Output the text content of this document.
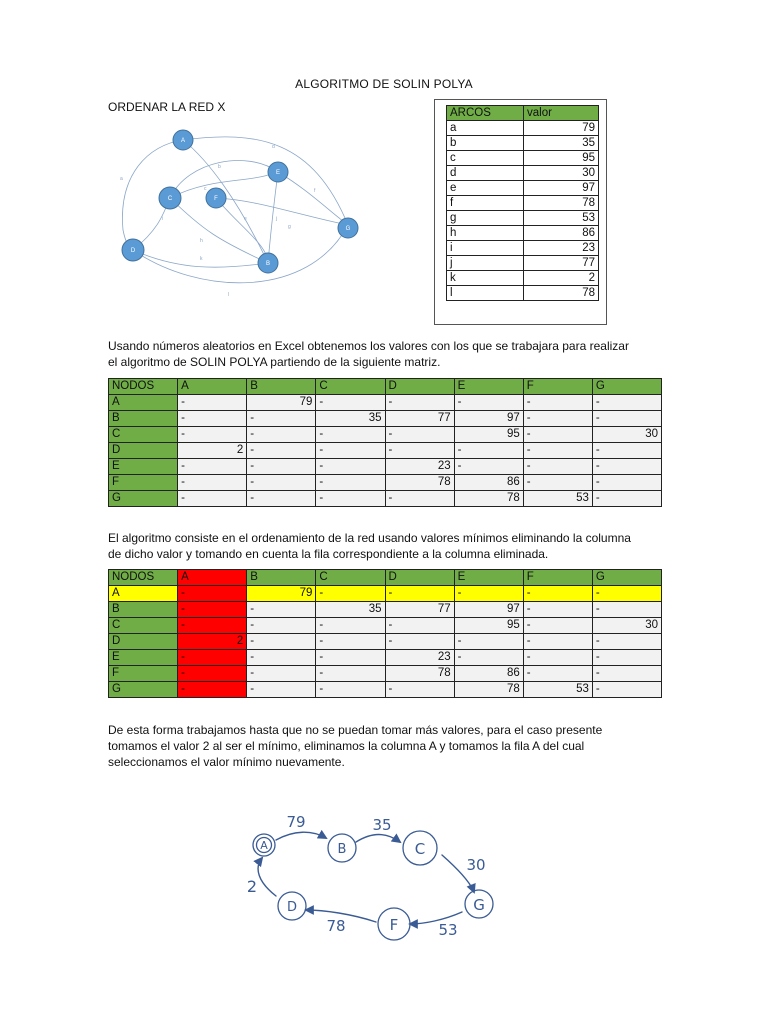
ALGORITMO DE SOLIN POLYA
ORDENAR LA RED X
a
b
c
d
e
f
g
h
i	j
k
l
A
B
C
D
E
F
G
ARCOS	valor
a	79
b	35
c	95
d	30
e	97
f	78
g	53
h	86
i	23
j	77
k	2
l	78
Usando números aleatorios en Excel obtenemos los valores con los que se trabajara para realizar
el algoritmo de SOLIN POLYA partiendo de la siguiente matriz.
NODOS	A	B	C	D	E	F	G
A	-	79	-	-	-	-	-
B	-	-	35	77	97	-	-
C	-	-	-	-	95	-	30
D	2	-	-	-	-	-	-
E	-	-	-	23	-	-	-
F	-	-	-	78	86	-	-
G	-	-	-	-	78	53	-
El algoritmo consiste en el ordenamiento de la red usando valores mínimos eliminando la columna
de dicho valor y tomando en cuenta la fila correspondiente a la columna eliminada.
NODOS	A	B	C	D	E	F	G
A	-	79	-	-	-	-	-
B	-	-	35	77	97	-	-
C	-	-	-	-	95	-	30
D	2	-	-	-	-	-	-
E	-	-	-	23	-	-	-
F	-	-	-	78	86	-	-
G	-	-	-	-	78	53	-
De esta forma trabajamos hasta que no se puedan tomar más valores, para el caso presente
tomamos el valor 2 al ser el mínimo, eliminamos la columna A y tomamos la fila A del cual
seleccionamos el valor mínimo nuevamente.
A	B	C
G
F
D
79	35
30
53
78
2
